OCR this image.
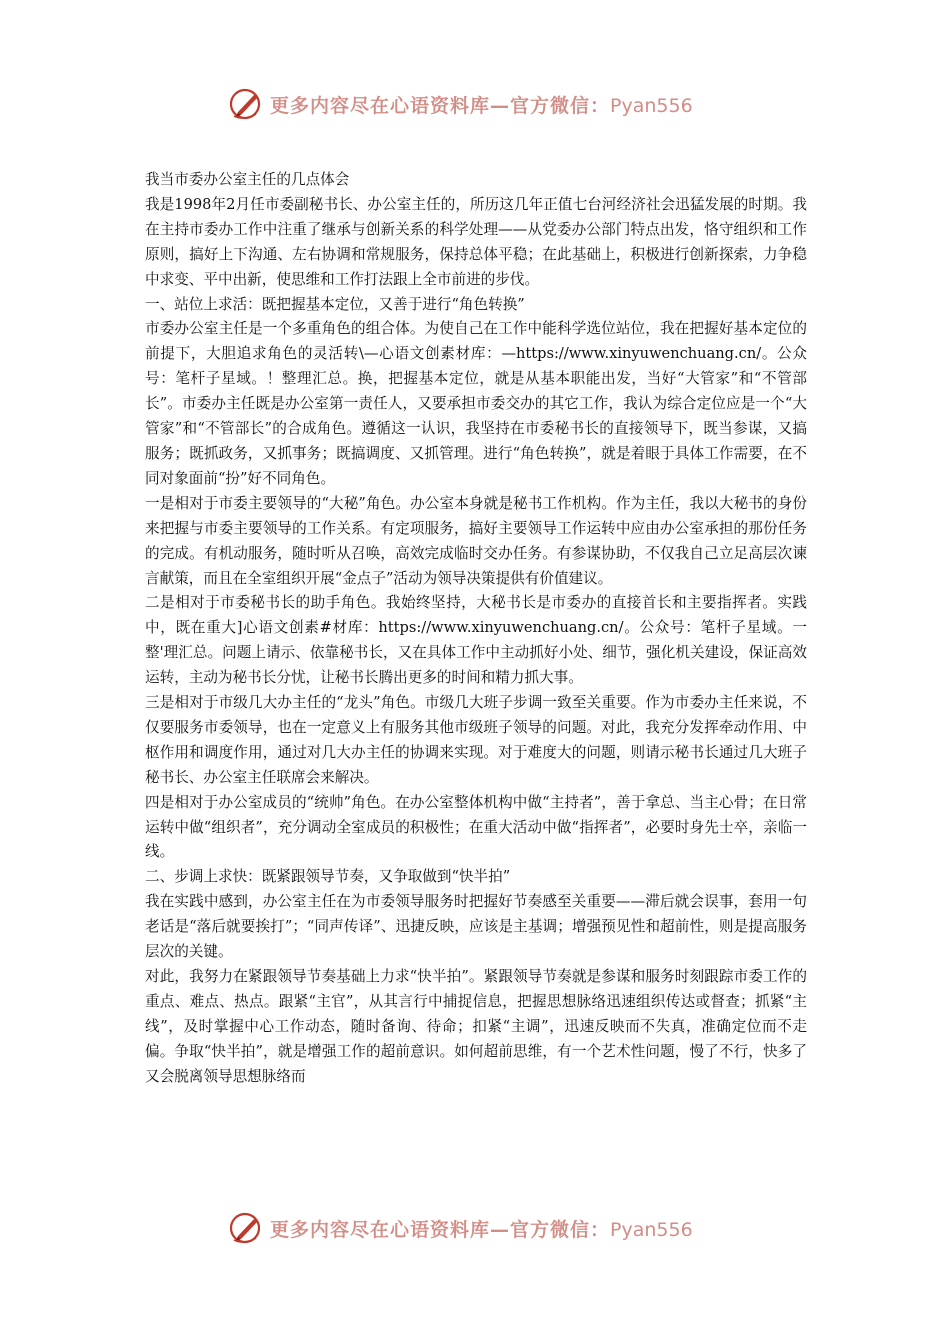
更多内容尽在心语资料库—官方微信：Pyan556

我当市委办公室主任的几点体会

我是1998年2月任市委副秘书长、办公室主任的，所历这几年正值七台河经济社会迅猛发展的时期。我在主持市委办工作中注重了继承与创新关系的科学处理——从党委办公部门特点出发，恪守组织和工作原则，搞好上下沟通、左右协调和常规服务，保持总体平稳；在此基础上，积极进行创新探索，力争稳中求变、平中出新，使思维和工作打法跟上全市前进的步伐。

一、站位上求活：既把握基本定位，又善于进行“角色转换”

市委办公室主任是一个多重角色的组合体。为使自己在工作中能科学选位站位，我在把握好基本定位的前提下，大胆追求角色的灵活转\—心语文创素材库：—https://www.xinyuwenchuang.cn/。公众号：笔杆子星域。！整理汇总。换，把握基本定位，就是从基本职能出发，当好“大管家”和“不管部长”。市委办主任既是办公室第一责任人，又要承担市委交办的其它工作，我认为综合定位应是一个“大管家”和“不管部长”的合成角色。遵循这一认识，我坚持在市委秘书长的直接领导下，既当参谋，又搞服务；既抓政务，又抓事务；既搞调度、又抓管理。进行“角色转换”，就是着眼于具体工作需要，在不同对象面前“扮”好不同角色。

一是相对于市委主要领导的“大秘”角色。办公室本身就是秘书工作机构。作为主任，我以大秘书的身份来把握与市委主要领导的工作关系。有定项服务，搞好主要领导工作运转中应由办公室承担的那份任务的完成。有机动服务，随时听从召唤，高效完成临时交办任务。有参谋协助，不仅我自己立足高层次谏言献策，而且在全室组织开展“金点子”活动为领导决策提供有价值建议。

二是相对于市委秘书长的助手角色。我始终坚持，大秘书长是市委办的直接首长和主要指挥者。实践中，既在重大]心语文创素#材库：https://www.xinyuwenchuang.cn/。公众号：笔杆子星域。一整'理汇总。问题上请示、依靠秘书长，又在具体工作中主动抓好小处、细节，强化机关建设，保证高效运转，主动为秘书长分忧，让秘书长腾出更多的时间和精力抓大事。

三是相对于市级几大办主任的“龙头”角色。市级几大班子步调一致至关重要。作为市委办主任来说，不仅要服务市委领导，也在一定意义上有服务其他市级班子领导的问题。对此，我充分发挥牵动作用、中枢作用和调度作用，通过对几大办主任的协调来实现。对于难度大的问题，则请示秘书长通过几大班子秘书长、办公室主任联席会来解决。

四是相对于办公室成员的“统帅”角色。在办公室整体机构中做“主持者”，善于拿总、当主心骨；在日常运转中做“组织者”，充分调动全室成员的积极性；在重大活动中做“指挥者”，必要时身先士卒，亲临一线。

二、步调上求快：既紧跟领导节奏，又争取做到“快半拍”

我在实践中感到，办公室主任在为市委领导服务时把握好节奏感至关重要——滞后就会误事，套用一句老话是“落后就要挨打”；“同声传译”、迅捷反映，应该是主基调；增强预见性和超前性，则是提高服务层次的关键。

对此，我努力在紧跟领导节奏基础上力求“快半拍”。紧跟领导节奏就是参谋和服务时刻跟踪市委工作的重点、难点、热点。跟紧“主官”，从其言行中捕捉信息，把握思想脉络迅速组织传达或督查；抓紧“主线”，及时掌握中心工作动态，随时备询、待命；扣紧“主调”，迅速反映而不失真，准确定位而不走偏。争取“快半拍”，就是增强工作的超前意识。如何超前思维，有一个艺术性问题，慢了不行，快多了又会脱离领导思想脉络而

更多内容尽在心语资料库—官方微信：Pyan556
